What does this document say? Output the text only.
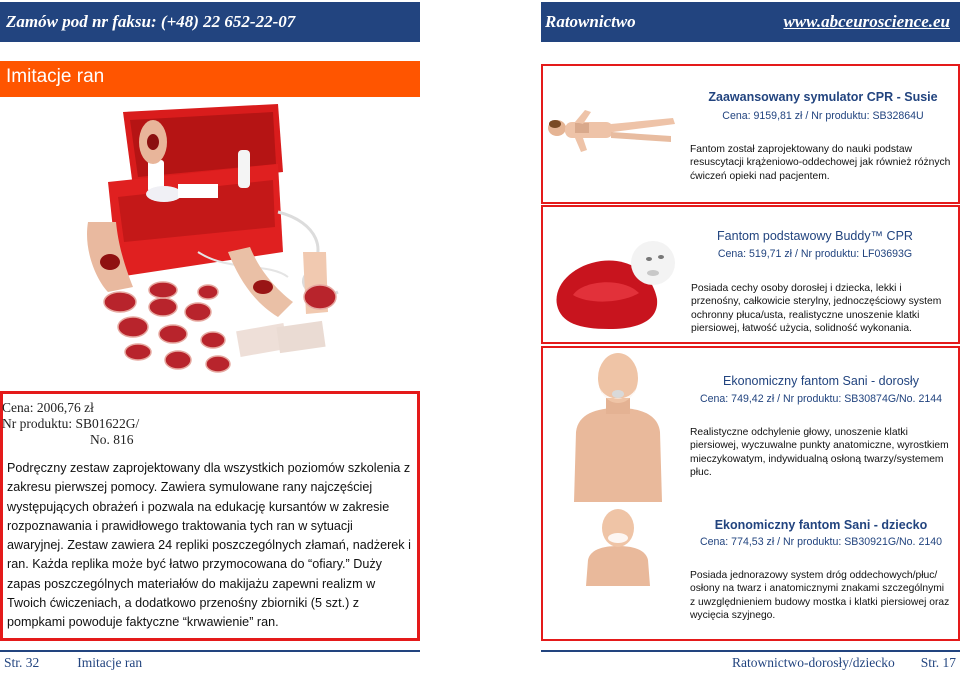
Zamów pod nr faksu: (+48) 22 652-22-07	Ratownictwo	www.abceuroscience.eu
Imitacje ran
Cena: 2006,76 zł
Nr produktu: SB01622G/
No. 816
Podręczny zestaw zaprojektowany dla wszystkich poziomów szkolenia z zakresu pierwszej pomocy. Zawiera symulowane rany najczęściej występujących obrażeń i pozwala na edukację kursantów w zakresie rozpoznawania i prawidłowego traktowania tych ran w sytuacji awaryjnej. Zestaw zawiera 24 repliki poszczególnych złamań, nadżerek i ran. Każda replika może być łatwo przymocowana do “ofiary.” Duży zapas poszczególnych materiałów do makijażu zapewni realizm w Twoich ćwiczeniach, a dodatkowo przenośny zbiorniki (5 szt.) z pompkami powoduje faktyczne “krwawienie” ran.
Zaawansowany symulator CPR - Susie
Cena: 9159,81 zł / Nr produktu: SB32864U
Fantom został zaprojektowany do nauki podstaw resuscytacji krążeniowo-oddechowej jak również różnych ćwiczeń opieki nad pacjentem.
Fantom podstawowy Buddy™ CPR
Cena: 519,71 zł / Nr produktu: LF03693G
Posiada cechy osoby dorosłej i dziecka, lekki i przenośny, całkowicie sterylny, jednoczęściowy system ochronny płuca/usta, realistyczne unoszenie klatki piersiowej, łatwość użycia, solidność wykonania.
Ekonomiczny fantom Sani - dorosły
Cena: 749,42 zł / Nr produktu: SB30874G/No. 2144
Realistyczne odchylenie głowy, unoszenie klatki piersiowej, wyczuwalne punkty anatomiczne, wyrostkiem mieczykowatym, indywidualną osłoną twarzy/systemem płuc.
Ekonomiczny fantom Sani - dziecko
Cena: 774,53 zł / Nr produktu: SB30921G/No. 2140
Posiada jednorazowy system dróg oddechowych/płuc/ osłony na twarz i anatomicznymi znakami szczególnymi z uwzględnieniem budowy mostka i klatki piersiowej oraz wycięcia szyjnego.
Str. 32	Imitacje ran	Ratownictwo-dorosły/dziecko Str. 17
